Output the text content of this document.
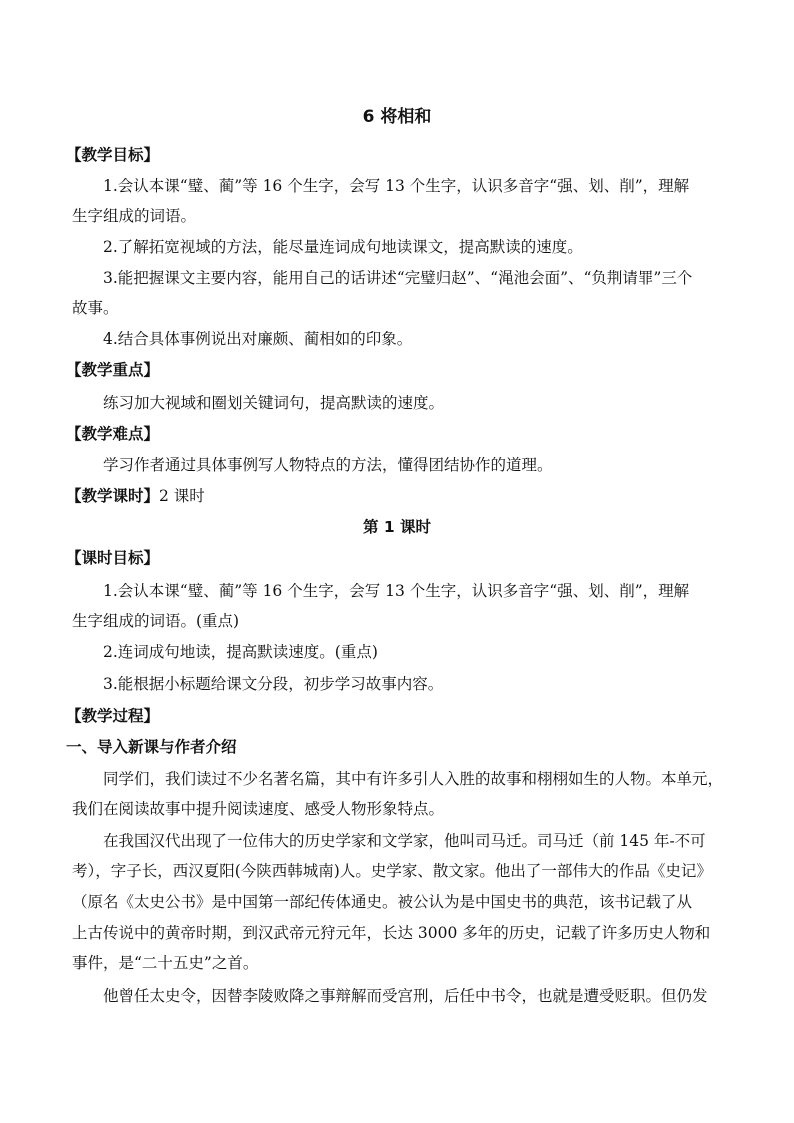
6 将相和
【教学目标】
1.会认本课“璧、蔺”等 16 个生字，会写 13 个生字，认识多音字“强、划、削”，理解
生字组成的词语。
2.了解拓宽视域的方法，能尽量连词成句地读课文，提高默读的速度。
3.能把握课文主要内容，能用自己的话讲述“完璧归赵”、“渑池会面”、“负荆请罪”三个
故事。
4.结合具体事例说出对廉颇、蔺相如的印象。
【教学重点】
练习加大视域和圈划关键词句，提高默读的速度。
【教学难点】
学习作者通过具体事例写人物特点的方法，懂得团结协作的道理。
【教学课时】2 课时
第 1 课时
【课时目标】
1.会认本课“璧、蔺”等 16 个生字，会写 13 个生字，认识多音字“强、划、削”，理解
生字组成的词语。(重点)
2.连词成句地读，提高默读速度。(重点)
3.能根据小标题给课文分段，初步学习故事内容。
【教学过程】
一、导入新课与作者介绍
同学们，我们读过不少名著名篇，其中有许多引人入胜的故事和栩栩如生的人物。本单元，
我们在阅读故事中提升阅读速度、感受人物形象特点。
在我国汉代出现了一位伟大的历史学家和文学家，他叫司马迁。司马迁（前 145 年-不可
考），字子长，西汉夏阳(今陕西韩城南)人。史学家、散文家。他出了一部伟大的作品《史记》
（原名《太史公书》是中国第一部纪传体通史。被公认为是中国史书的典范，该书记载了从
上古传说中的黄帝时期，到汉武帝元狩元年，长达 3000 多年的历史，记载了许多历史人物和
事件，是“二十五史”之首。
他曾任太史令，因替李陵败降之事辩解而受宫刑，后任中书令，也就是遭受贬职。但仍发
